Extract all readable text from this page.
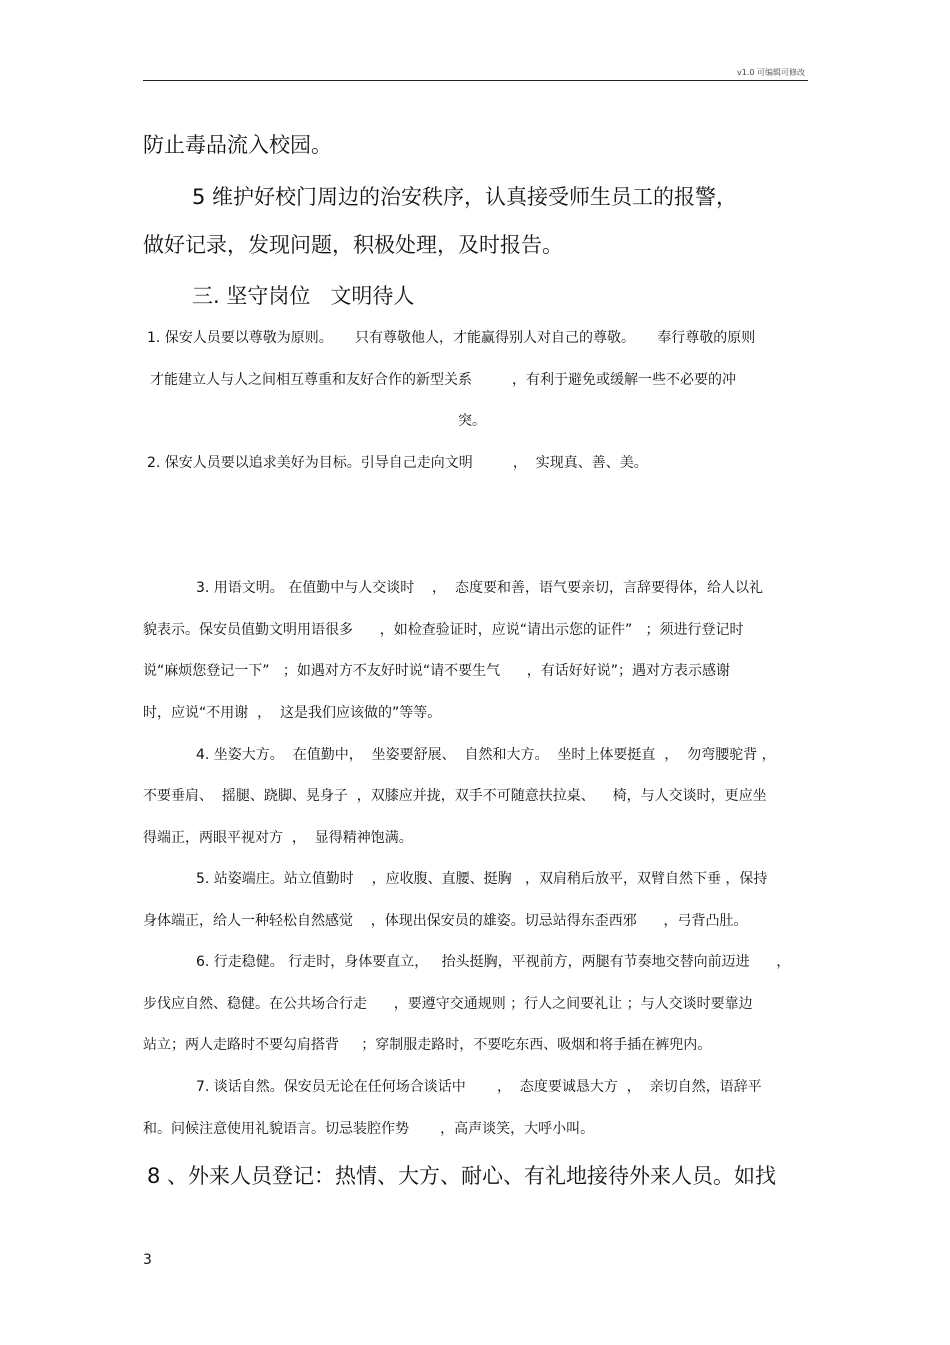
v1.0 可编辑可修改
防止毒品流入校园。
5 维护好校门周边的治安秩序，认真接受师生员工的报警，
做好记录，发现问题，积极处理，及时报告。
三. 坚守岗位   文明待人
1. 保安人员要以尊敬为原则。     只有尊敬他人，才能赢得别人对自己的尊敬。     奉行尊敬的原则
才能建立人与人之间相互尊重和友好合作的新型关系         ，有利于避免或缓解一些不必要的冲
突。
2. 保安人员要以追求美好为目标。引导自己走向文明         ，  实现真、善、美。
3. 用语文明。 在值勤中与人交谈时    ，  态度要和善，语气要亲切，言辞要得体，给人以礼
貌表示。保安员值勤文明用语很多      ，如检查验证时，应说“请出示您的证件”   ；须进行登记时
说“麻烦您登记一下”   ；如遇对方不友好时说“请不要生气      ，有话好好说”；遇对方表示感谢
时，应说“不用谢  ，  这是我们应该做的”等等。
4. 坐姿大方。  在值勤中，  坐姿要舒展、  自然和大方。  坐时上体要挺直  ，  勿弯腰驼背 ，
不要垂肩、  摇腿、跷脚、晃身子  ，双膝应并拢，双手不可随意扶拉桌、    椅，与人交谈时，更应坐
得端正，两眼平视对方  ，  显得精神饱满。
5. 站姿端庄。站立值勤时    ，应收腹、直腰、挺胸   ，双肩稍后放平，双臂自然下垂 ，保持
身体端正，给人一种轻松自然感觉    ，体现出保安员的雄姿。切忌站得东歪西邪      ，弓背凸肚。
6. 行走稳健。 行走时，身体要直立，   抬头挺胸，平视前方，两腿有节奏地交替向前迈进      ，
步伐应自然、稳健。在公共场合行走      ，要遵守交通规则 ；行人之间要礼让 ；与人交谈时要靠边
站立；两人走路时不要勾肩搭背     ；穿制服走路时，不要吃东西、吸烟和将手插在裤兜内。
7. 谈话自然。保安员无论在任何场合谈话中       ，  态度要诚恳大方  ，  亲切自然，语辞平
和。问候注意使用礼貌语言。切忌装腔作势       ，高声谈笑，大呼小叫。
8 、外来人员登记：热情、大方、耐心、有礼地接待外来人员。如找
3
